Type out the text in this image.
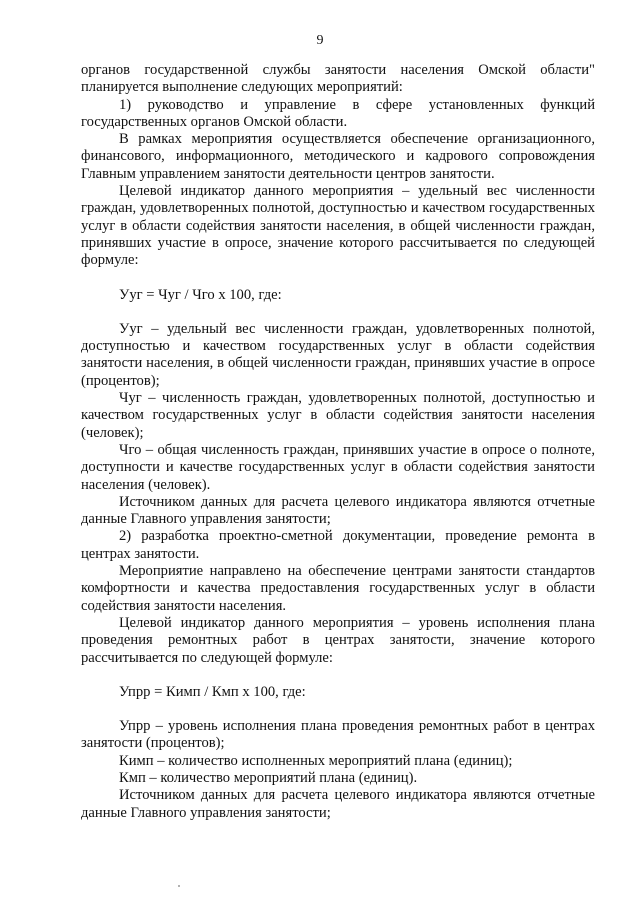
9

органов государственной службы занятости населения Омской области" планируется выполнение следующих мероприятий:

1) руководство и управление в сфере установленных функций государственных органов Омской области.

В рамках мероприятия осуществляется обеспечение организационного, финансового, информационного, методического и кадрового сопровождения Главным управлением занятости деятельности центров занятости.

Целевой индикатор данного мероприятия – удельный вес численности граждан, удовлетворенных полнотой, доступностью и качеством государственных услуг в области содействия занятости населения, в общей численности граждан, принявших участие в опросе, значение которого рассчитывается по следующей формуле:

Уyг = Чуг / Чго х 100, где:

Уyг – удельный вес численности граждан, удовлетворенных полнотой, доступностью и качеством государственных услуг в области содействия занятости населения, в общей численности граждан, принявших участие в опросе (процентов);

Чуг – численность граждан, удовлетворенных полнотой, доступностью и качеством государственных услуг в области содействия занятости населения (человек);

Чго – общая численность граждан, принявших участие в опросе о полноте, доступности и качестве государственных услуг в области содействия занятости населения (человек).

Источником данных для расчета целевого индикатора являются отчетные данные Главного управления занятости;

2) разработка проектно-сметной документации, проведение ремонта в центрах занятости.

Мероприятие направлено на обеспечение центрами занятости стандартов комфортности и качества предоставления государственных услуг в области содействия занятости населения.

Целевой индикатор данного мероприятия – уровень исполнения плана проведения ремонтных работ в центрах занятости, значение которого рассчитывается по следующей формуле:

Упрр = Кимп / Кмп х 100, где:

Упрр – уровень исполнения плана проведения ремонтных работ в центрах занятости (процентов);

Кимп – количество исполненных мероприятий плана (единиц);

Кмп – количество мероприятий плана (единиц).

Источником данных для расчета целевого индикатора являются отчетные данные Главного управления занятости;
